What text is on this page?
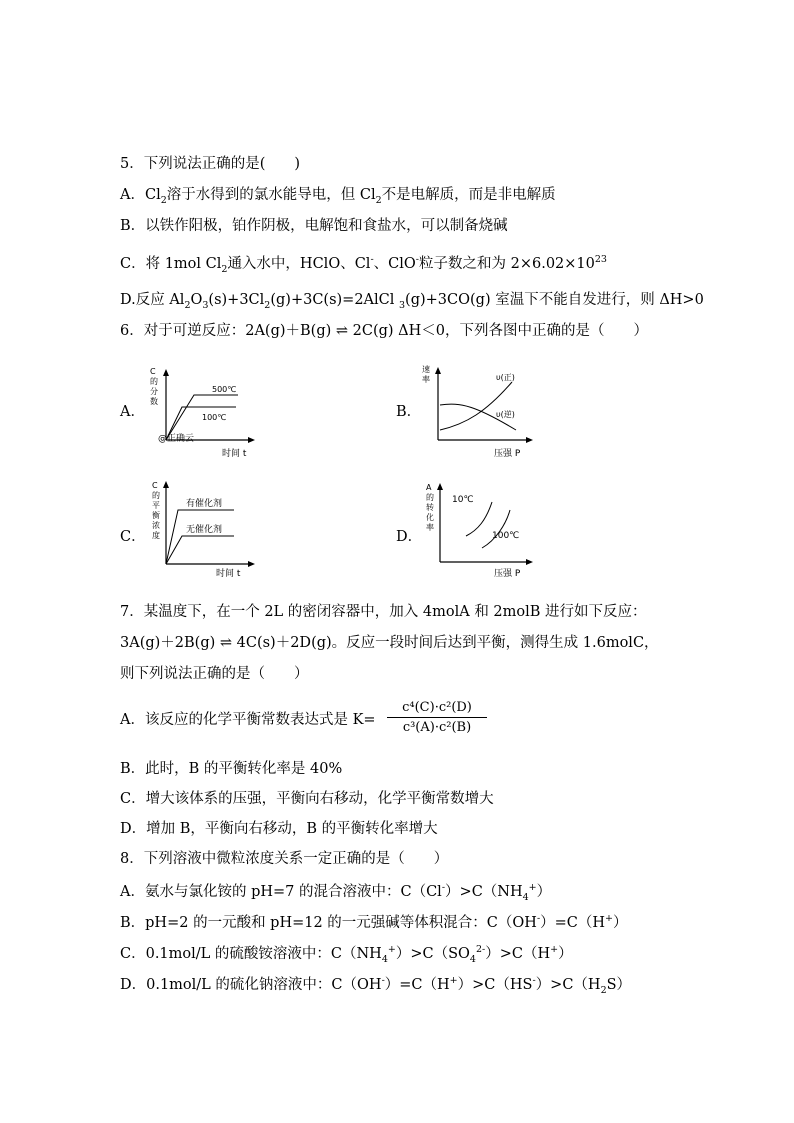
5．下列说法正确的是(　　)
A．$Cl_2$溶于水得到的氯水能导电，但 $Cl_2$不是电解质，而是非电解质
B．以铁作阳极，铂作阴极，电解饱和食盐水，可以制备烧碱
C．将 1mol $Cl_2$通入水中，HClO、Cl-、ClO-粒子数之和为 $2\times 6.02\times 10^{23}$
D.反应 $Al_2O_3(s)+3Cl_2(g)+3C(s)=2AlCl$ $_3$(g)+3CO(g) 室温下不能自发进行，则 ΔH>0
6．对于可逆反应：2A(g)＋B(g) ⇌ 2C(g) ΔH＜0，下列各图中正确的是（　　）
A．	B．
C．	D．
C
的
分
数
500℃
100℃
@正确云
时间 t
速
率	υ(正)
υ(逆)
压强 P
C
的
平
衡
浓
度
有催化剂
无催化剂
时间 t
A
的
转
化
率
10℃
100℃
压强 P
7．某温度下，在一个 2L 的密闭容器中，加入 4molA 和 2molB 进行如下反应：
3A(g)＋2B(g) ⇌ 4C(s)＋2D(g)。反应一段时间后达到平衡，测得生成 1.6molC，
则下列说法正确的是（　　）
A．该反应的化学平衡常数表达式是 $K= \frac{\text{c⁴(C)·c²(D)}}{\text{c³(A)·c²(B)}}$
B．此时，B 的平衡转化率是 40%
C．增大该体系的压强，平衡向右移动，化学平衡常数增大
D．增加 B，平衡向右移动，B 的平衡转化率增大
8．下列溶液中微粒浓度关系一定正确的是（　　）
A．氨水与氯化铵的 pH=7 的混合溶液中：$C(Cl^-)>C(NH_4^+)$
B．pH=2 的一元酸和 pH=12 的一元强碱等体积混合：C（OH-）=C（H+）
C．0.1mol/L 的硫酸铵溶液中：$C(NH_4^+)>C(SO_4^{2-})>C(H^+)$
D．0.1mol/L 的硫化钠溶液中：$C(OH^-)=C(H^+)>C(HS^-)>C(H_2S)$
